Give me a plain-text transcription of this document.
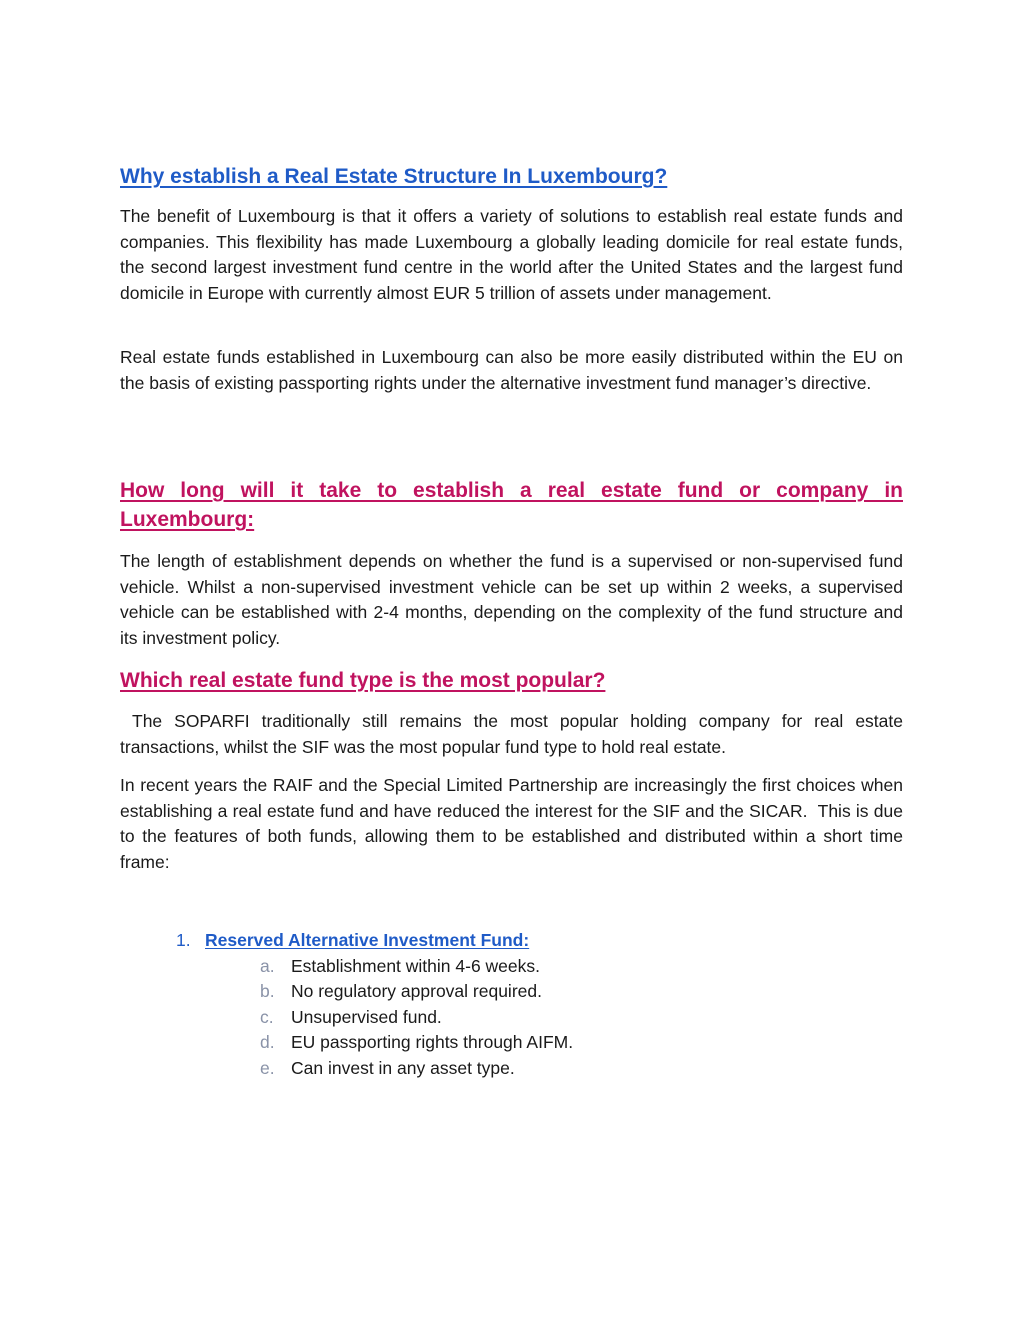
Why establish a Real Estate Structure In Luxembourg?

The benefit of Luxembourg is that it offers a variety of solutions to establish real estate funds and companies. This flexibility has made Luxembourg a globally leading domicile for real estate funds, the second largest investment fund centre in the world after the United States and the largest fund domicile in Europe with currently almost EUR 5 trillion of assets under management.

Real estate funds established in Luxembourg can also be more easily distributed within the EU on the basis of existing passporting rights under the alternative investment fund manager’s directive.

How long will it take to establish a real estate fund or company in Luxembourg:

The length of establishment depends on whether the fund is a supervised or non-supervised fund vehicle. Whilst a non-supervised investment vehicle can be set up within 2 weeks, a supervised vehicle can be established with 2-4 months, depending on the complexity of the fund structure and its investment policy.

Which real estate fund type is the most popular?

The SOPARFI traditionally still remains the most popular holding company for real estate transactions, whilst the SIF was the most popular fund type to hold real estate.

In recent years the RAIF and the Special Limited Partnership are increasingly the first choices when establishing a real estate fund and have reduced the interest for the SIF and the SICAR.  This is due to the features of both funds, allowing them to be established and distributed within a short time frame:

1. Reserved Alternative Investment Fund:
a. Establishment within 4-6 weeks.
b. No regulatory approval required.
c. Unsupervised fund.
d. EU passporting rights through AIFM.
e. Can invest in any asset type.
